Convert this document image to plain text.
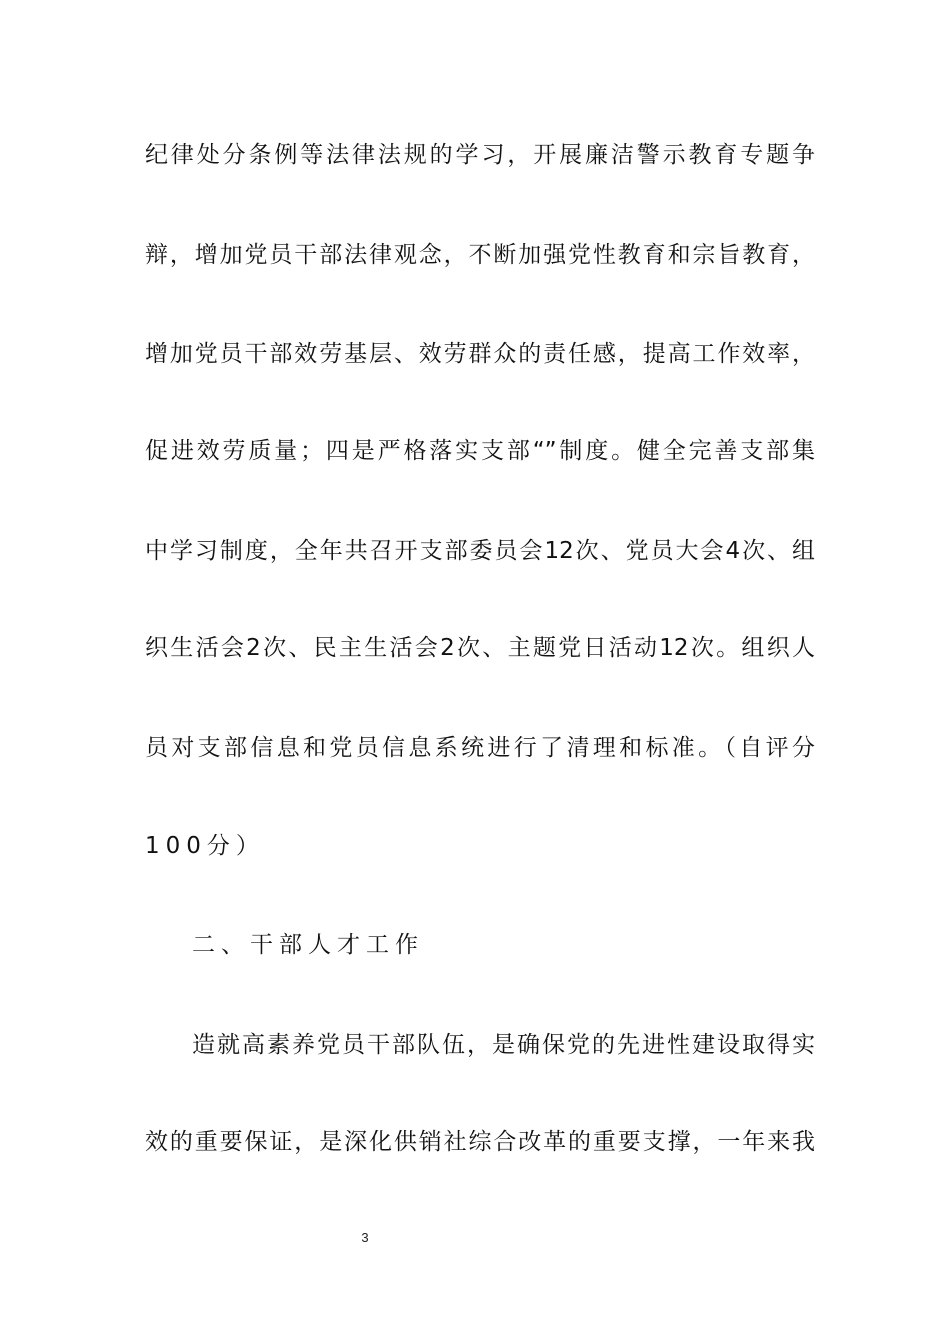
纪律处分条例等法律法规的学习，开展廉洁警示教育专题争
辩，增加党员干部法律观念，不断加强党性教育和宗旨教育，
增加党员干部效劳基层、效劳群众的责任感，提高工作效率，
促进效劳质量；四是严格落实支部“”制度。健全完善支部集
中学习制度，全年共召开支部委员会12次、党员大会4次、组
织生活会2次、民主生活会2次、主题党日活动12次。组织人
员对支部信息和党员信息系统进行了清理和标准。（自评分
100分）
二、干部人才工作
造就高素养党员干部队伍，是确保党的先进性建设取得实
效的重要保证，是深化供销社综合改革的重要支撑，一年来我
3
